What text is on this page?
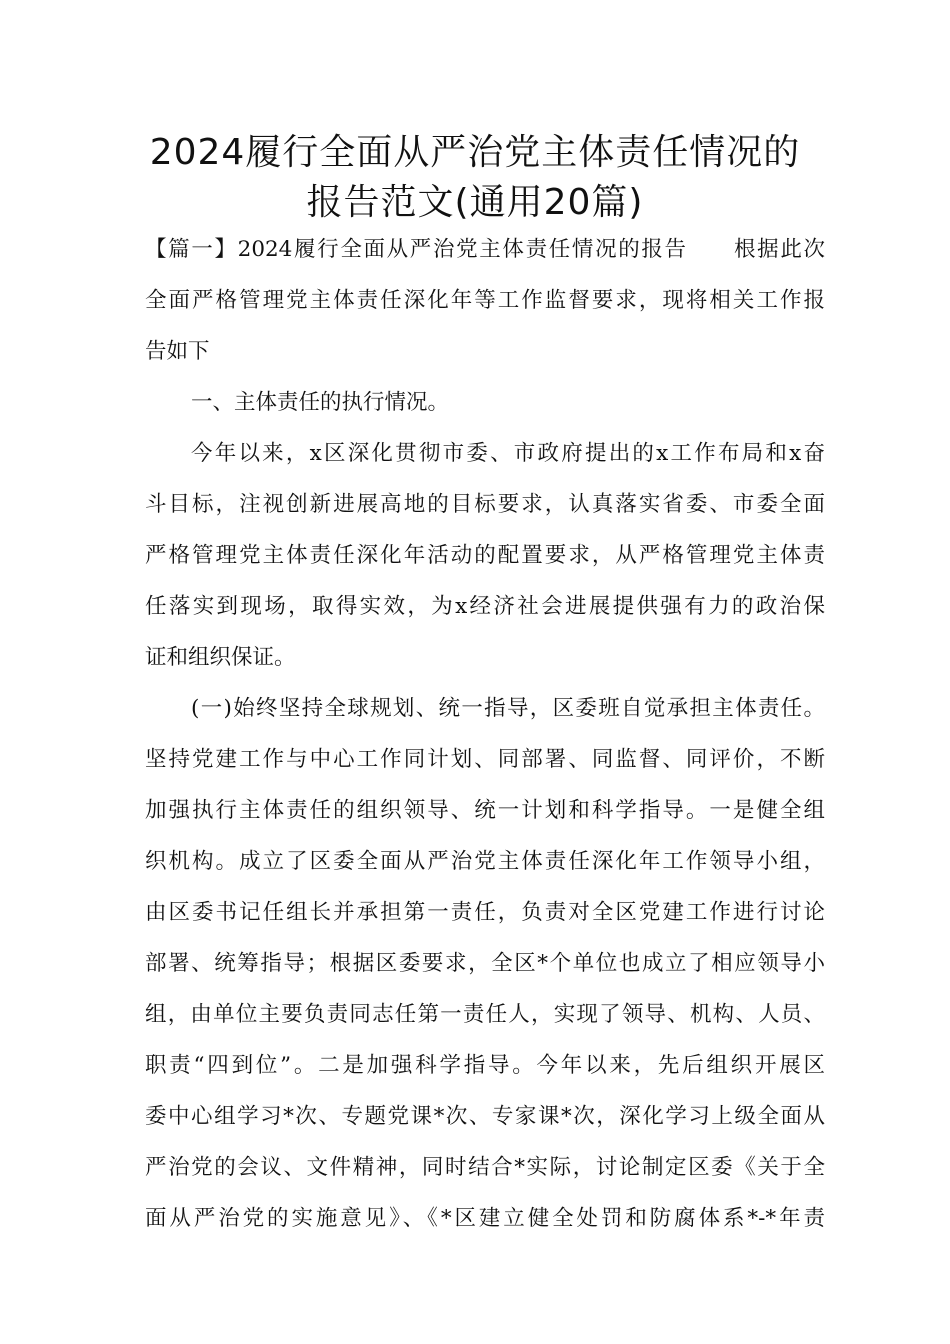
2024履行全面从严治党主体责任情况的
报告范文(通用20篇)
【篇一】2024履行全面从严治党主体责任情况的报告　　根据此次
全面严格管理党主体责任深化年等工作监督要求，现将相关工作报
告如下
一、主体责任的执行情况。
今年以来，x区深化贯彻市委、市政府提出的x工作布局和x奋
斗目标，注视创新进展高地的目标要求，认真落实省委、市委全面
严格管理党主体责任深化年活动的配置要求，从严格管理党主体责
任落实到现场，取得实效，为x经济社会进展提供强有力的政治保
证和组织保证。
(一)始终坚持全球规划、统一指导，区委班自觉承担主体责任。
坚持党建工作与中心工作同计划、同部署、同监督、同评价，不断
加强执行主体责任的组织领导、统一计划和科学指导。一是健全组
织机构。成立了区委全面从严治党主体责任深化年工作领导小组，
由区委书记任组长并承担第一责任，负责对全区党建工作进行讨论
部署、统筹指导；根据区委要求，全区*个单位也成立了相应领导小
组，由单位主要负责同志任第一责任人，实现了领导、机构、人员、
职责“四到位”。二是加强科学指导。今年以来，先后组织开展区
委中心组学习*次、专题党课*次、专家课*次，深化学习上级全面从
严治党的会议、文件精神，同时结合*实际，讨论制定区委《关于全
面从严治党的实施意见》、《*区建立健全处罚和防腐体系*-*年责
